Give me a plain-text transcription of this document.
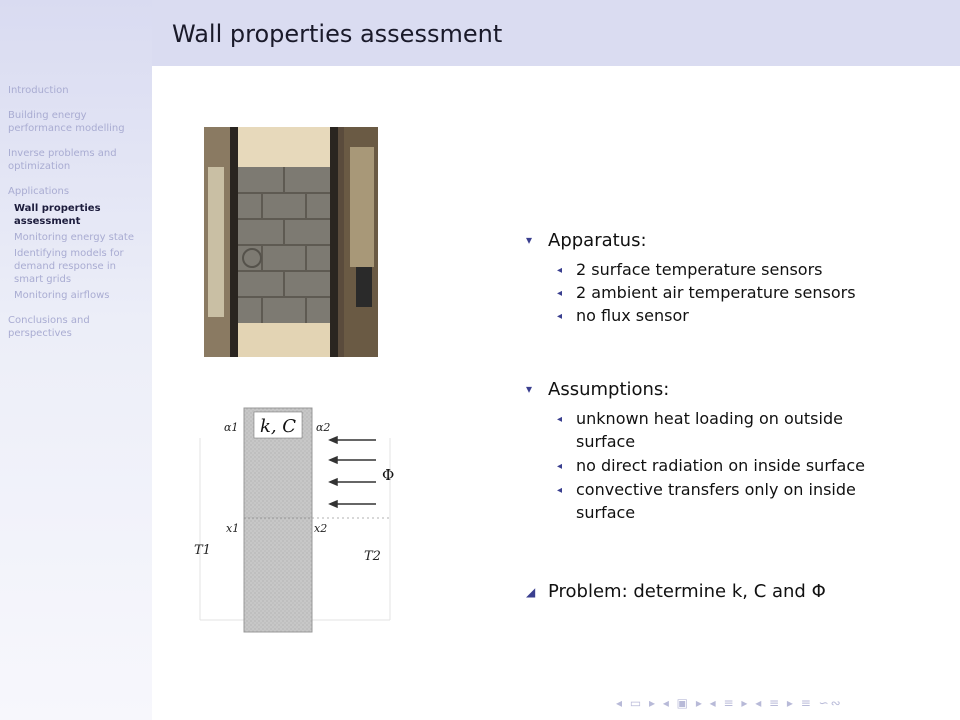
Introduction
Building energy performance modelling
Inverse problems and optimization
Applications
Wall properties assessment
Monitoring energy state
Identifying models for demand response in smart grids
Monitoring airflows
Conclusions and perspectives
Wall properties assessment
k, C
α1	α2
x1	x2
T1	T2
Φ
▾ Apparatus:
◂ 2 surface temperature sensors
◂ 2 ambient air temperature sensors
◂ no flux sensor
▾ Assumptions:
◂ unknown heat loading on outside
surface
◂ no direct radiation on inside surface
◂ convective transfers only on inside
surface
◢ Problem: determine k, C and Φ
◂ ▭ ▸ ◂ ▣ ▸ ◂ ≡ ▸ ◂ ≡ ▸ ≡ ∽∾
